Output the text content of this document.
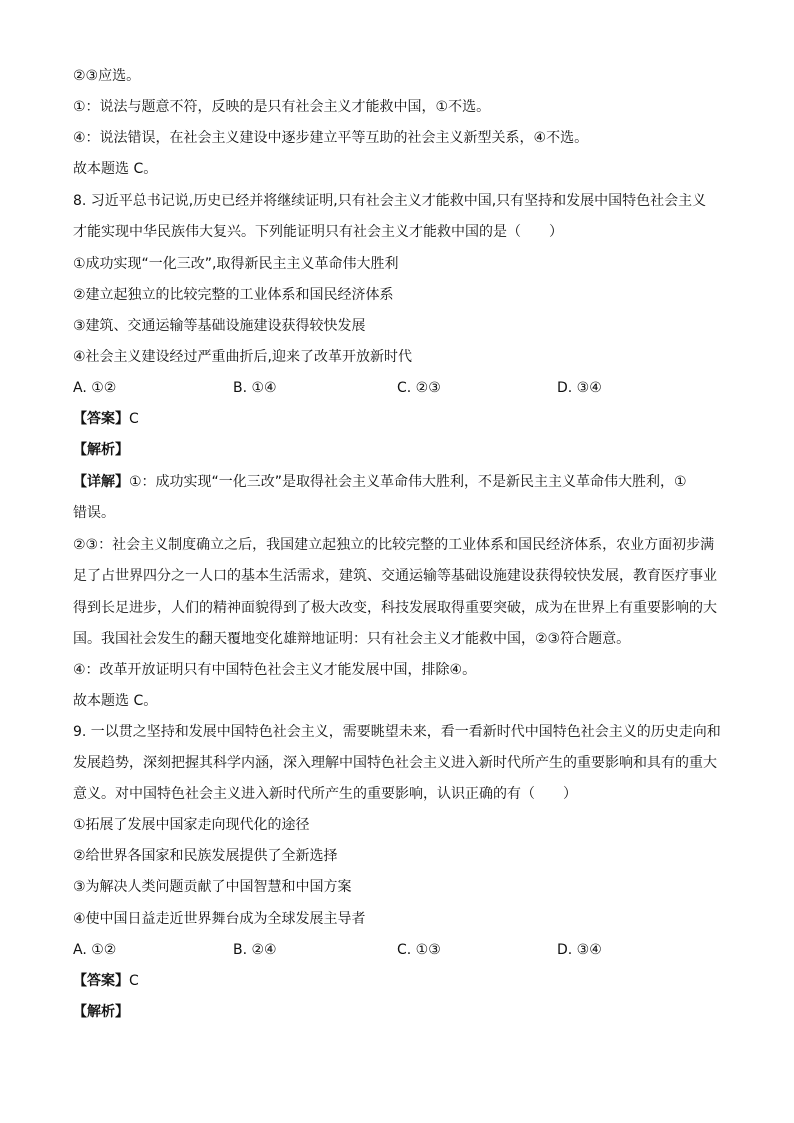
②③应选。
①：说法与题意不符，反映的是只有社会主义才能救中国，①不选。
④：说法错误，在社会主义建设中逐步建立平等互助的社会主义新型关系，④不选。
故本题选 C。
8. 习近平总书记说,历史已经并将继续证明,只有社会主义才能救中国,只有坚持和发展中国特色社会主义
才能实现中华民族伟大复兴。下列能证明只有社会主义才能救中国的是（　　）
①成功实现“一化三改”,取得新民主主义革命伟大胜利
②建立起独立的比较完整的工业体系和国民经济体系
③建筑、交通运输等基础设施建设获得较快发展
④社会主义建设经过严重曲折后,迎来了改革开放新时代
A. ①②	B. ①④	C. ②③	D. ③④
【答案】C
【解析】
【详解】①：成功实现“一化三改”是取得社会主义革命伟大胜利，不是新民主主义革命伟大胜利，①
错误。
②③：社会主义制度确立之后，我国建立起独立的比较完整的工业体系和国民经济体系，农业方面初步满
足了占世界四分之一人口的基本生活需求，建筑、交通运输等基础设施建设获得较快发展，教育医疗事业
得到长足进步，人们的精神面貌得到了极大改变，科技发展取得重要突破，成为在世界上有重要影响的大
国。我国社会发生的翻天覆地变化雄辩地证明：只有社会主义才能救中国，②③符合题意。
④：改革开放证明只有中国特色社会主义才能发展中国，排除④。
故本题选 C。
9. 一以贯之坚持和发展中国特色社会主义，需要眺望未来，看一看新时代中国特色社会主义的历史走向和
发展趋势，深刻把握其科学内涵，深入理解中国特色社会主义进入新时代所产生的重要影响和具有的重大
意义。对中国特色社会主义进入新时代所产生的重要影响，认识正确的有（　　）
①拓展了发展中国家走向现代化的途径
②给世界各国家和民族发展提供了全新选择
③为解决人类问题贡献了中国智慧和中国方案
④使中国日益走近世界舞台成为全球发展主导者
A. ①②	B. ②④	C. ①③	D. ③④
【答案】C
【解析】
